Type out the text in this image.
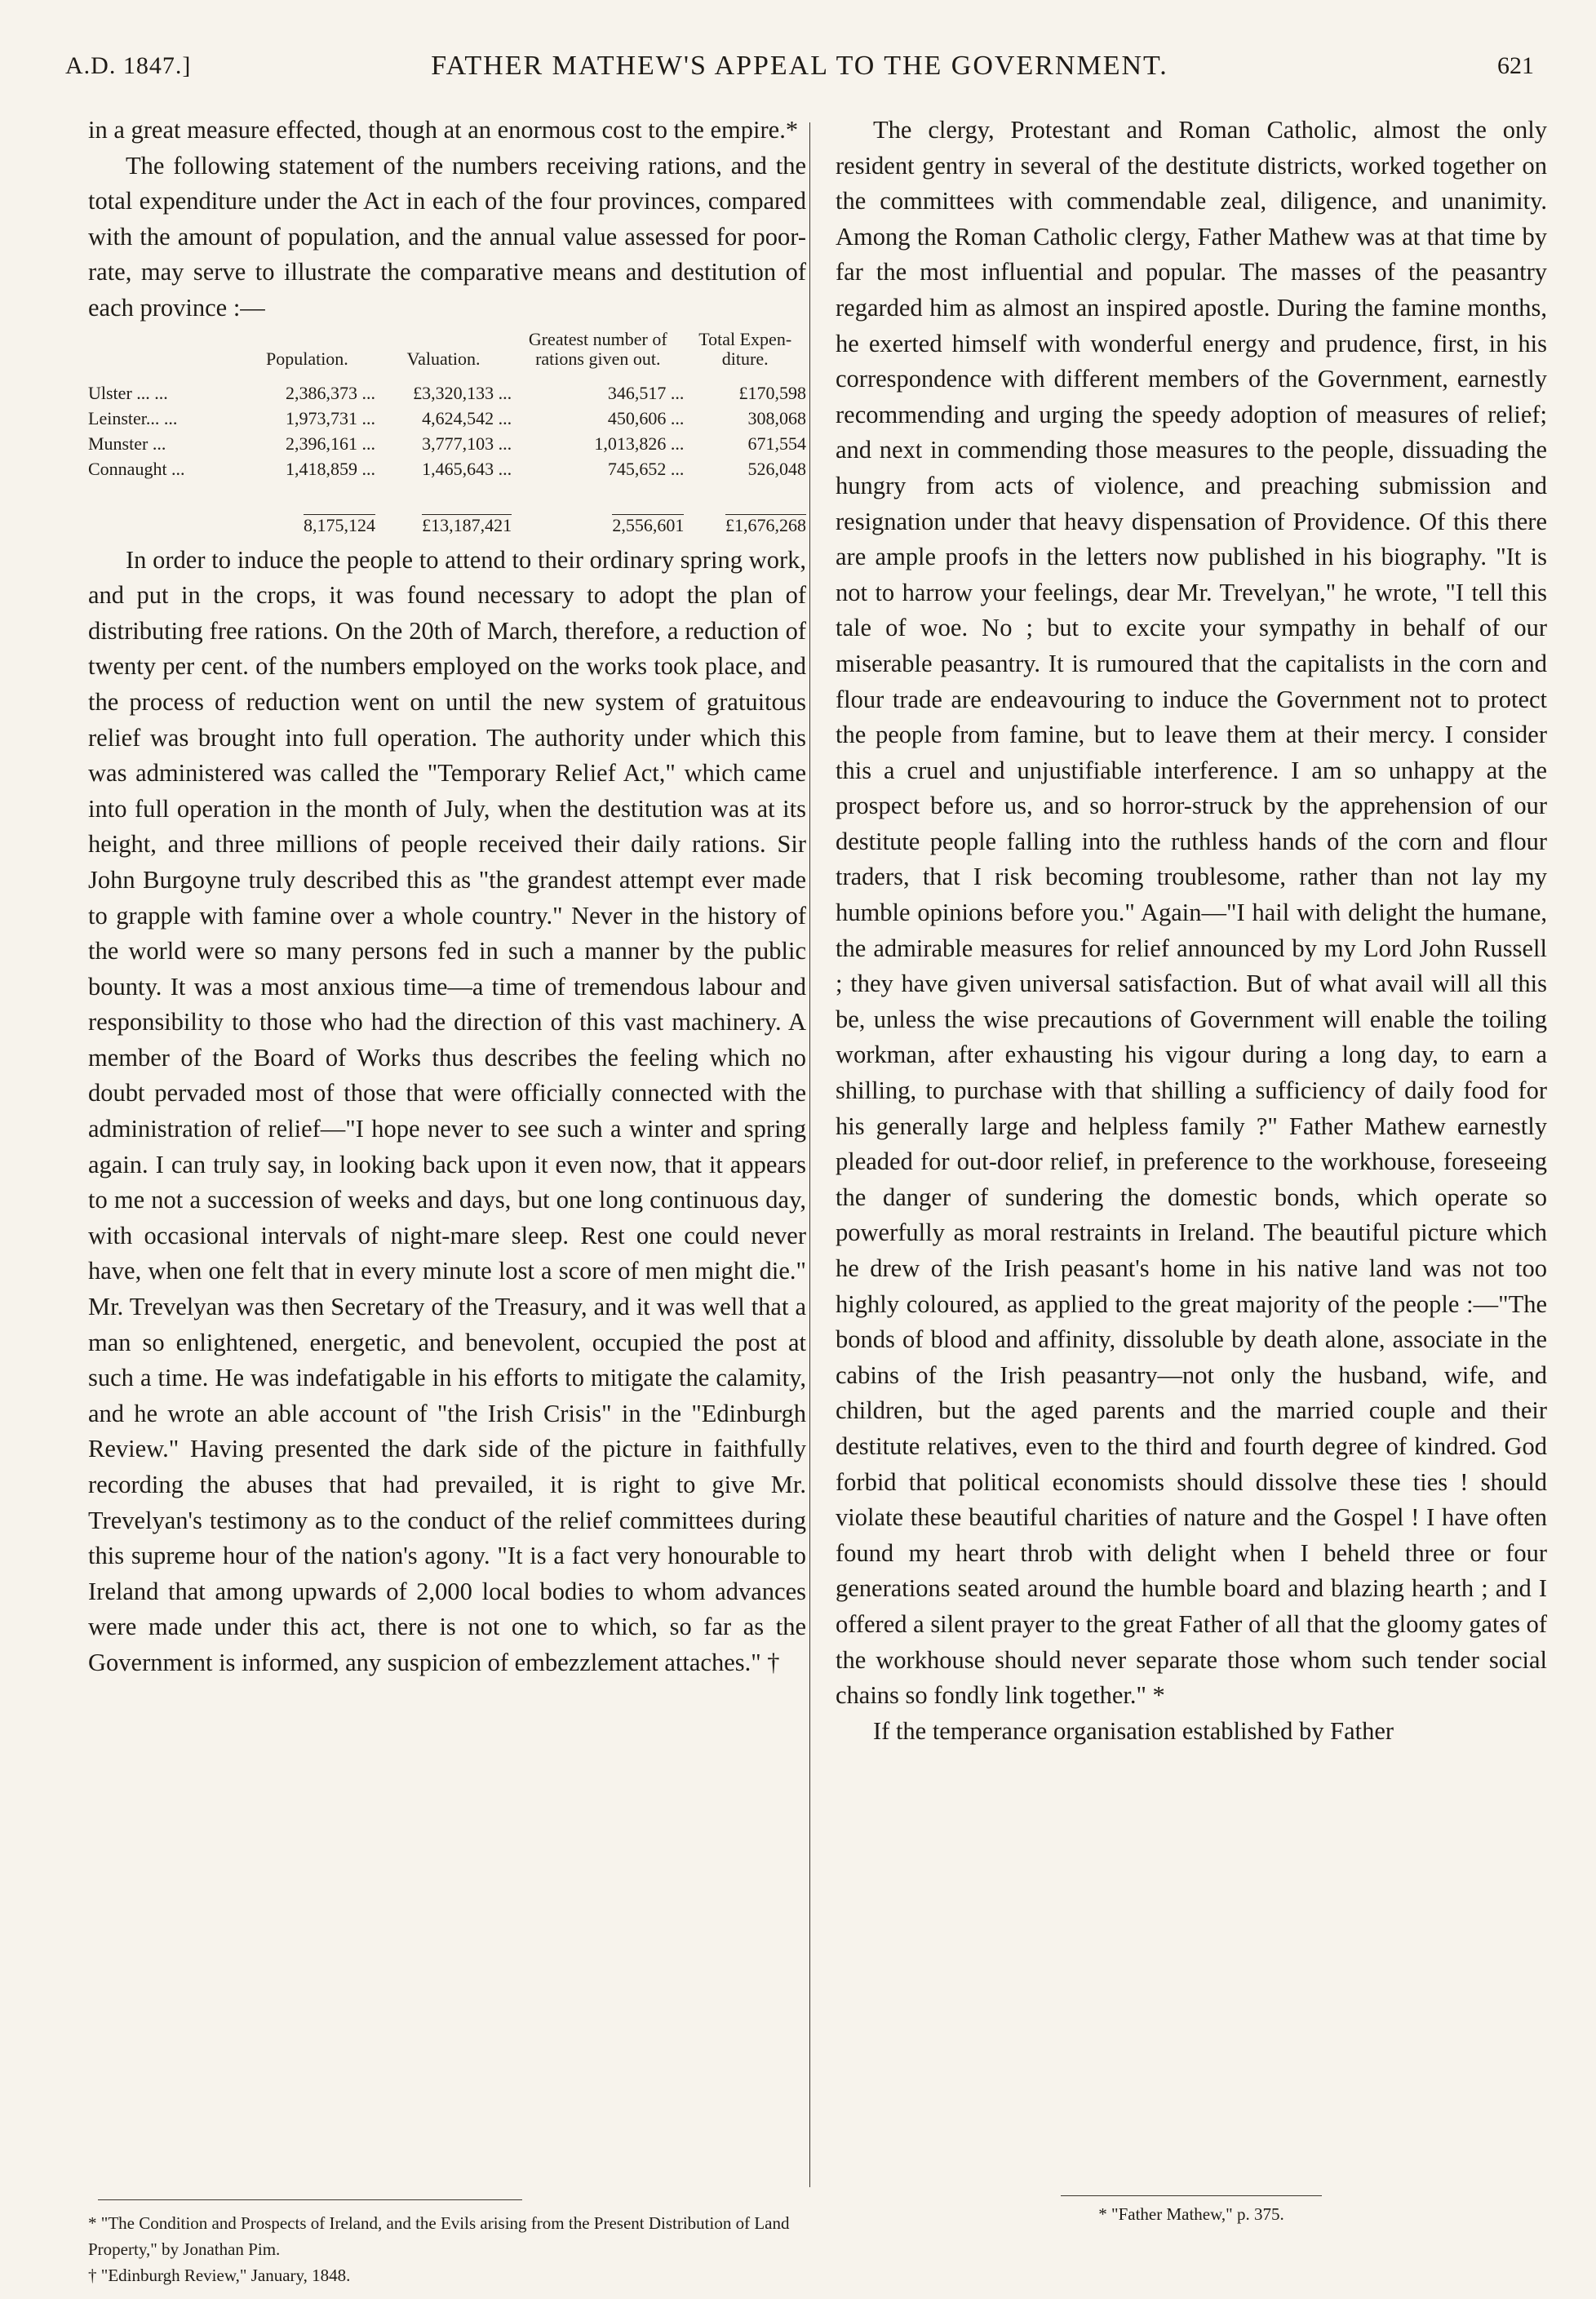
A.D. 1847.]	FATHER MATHEW'S APPEAL TO THE GOVERNMENT.	621

in a great measure effected, though at an enormous cost to the empire.*

The following statement of the numbers receiving rations, and the total expenditure under the Act in each of the four provinces, compared with the amount of population, and the annual value assessed for poor-rate, may serve to illustrate the comparative means and destitution of each province :—

	Population.	Valuation.	Greatest number of rations given out.	Total Expen-diture.
Ulster ... ...	2,386,373 ...	£3,320,133 ...	346,517 ...	£170,598
Leinster... ...	1,973,731 ...	4,624,542 ...	450,606 ...	308,068
Munster ...	2,396,161 ...	3,777,103 ...	1,013,826 ...	671,554
Connaught ...	1,418,859 ...	1,465,643 ...	745,652 ...	526,048
	8,175,124	£13,187,421	2,556,601	£1,676,268

In order to induce the people to attend to their ordinary spring work, and put in the crops, it was found necessary to adopt the plan of distributing free rations. On the 20th of March, therefore, a reduction of twenty per cent. of the numbers employed on the works took place, and the process of reduction went on until the new system of gratuitous relief was brought into full operation. The authority under which this was administered was called the "Temporary Relief Act," which came into full operation in the month of July, when the destitution was at its height, and three millions of people received their daily rations. Sir John Burgoyne truly described this as "the grandest attempt ever made to grapple with famine over a whole country." Never in the history of the world were so many persons fed in such a manner by the public bounty. It was a most anxious time—a time of tremendous labour and responsibility to those who had the direction of this vast machinery. A member of the Board of Works thus describes the feeling which no doubt pervaded most of those that were officially connected with the administration of relief—"I hope never to see such a winter and spring again. I can truly say, in looking back upon it even now, that it appears to me not a succession of weeks and days, but one long continuous day, with occasional intervals of night-mare sleep. Rest one could never have, when one felt that in every minute lost a score of men might die." Mr. Trevelyan was then Secretary of the Treasury, and it was well that a man so enlightened, energetic, and benevolent, occupied the post at such a time. He was indefatigable in his efforts to mitigate the calamity, and he wrote an able account of "the Irish Crisis" in the "Edinburgh Review." Having presented the dark side of the picture in faithfully recording the abuses that had prevailed, it is right to give Mr. Trevelyan's testimony as to the conduct of the relief committees during this supreme hour of the nation's agony. "It is a fact very honourable to Ireland that among upwards of 2,000 local bodies to whom advances were made under this act, there is not one to which, so far as the Government is informed, any suspicion of embezzlement attaches." †

The clergy, Protestant and Roman Catholic, almost the only resident gentry in several of the destitute districts, worked together on the committees with commendable zeal, diligence, and unanimity. Among the Roman Catholic clergy, Father Mathew was at that time by far the most influential and popular. The masses of the peasantry regarded him as almost an inspired apostle. During the famine months, he exerted himself with wonderful energy and prudence, first, in his correspondence with different members of the Government, earnestly recommending and urging the speedy adoption of measures of relief; and next in commending those measures to the people, dissuading the hungry from acts of violence, and preaching submission and resignation under that heavy dispensation of Providence. Of this there are ample proofs in the letters now published in his biography. "It is not to harrow your feelings, dear Mr. Trevelyan," he wrote, "I tell this tale of woe. No ; but to excite your sympathy in behalf of our miserable peasantry. It is rumoured that the capitalists in the corn and flour trade are endeavouring to induce the Government not to protect the people from famine, but to leave them at their mercy. I consider this a cruel and unjustifiable interference. I am so unhappy at the prospect before us, and so horror-struck by the apprehension of our destitute people falling into the ruthless hands of the corn and flour traders, that I risk becoming troublesome, rather than not lay my humble opinions before you." Again—"I hail with delight the humane, the admirable measures for relief announced by my Lord John Russell ; they have given universal satisfaction. But of what avail will all this be, unless the wise precautions of Government will enable the toiling workman, after exhausting his vigour during a long day, to earn a shilling, to purchase with that shilling a sufficiency of daily food for his generally large and helpless family ?" Father Mathew earnestly pleaded for out-door relief, in preference to the workhouse, foreseeing the danger of sundering the domestic bonds, which operate so powerfully as moral restraints in Ireland. The beautiful picture which he drew of the Irish peasant's home in his native land was not too highly coloured, as applied to the great majority of the people :—"The bonds of blood and affinity, dissoluble by death alone, associate in the cabins of the Irish peasantry—not only the husband, wife, and children, but the aged parents and the married couple and their destitute relatives, even to the third and fourth degree of kindred. God forbid that political economists should dissolve these ties ! should violate these beautiful charities of nature and the Gospel ! I have often found my heart throb with delight when I beheld three or four generations seated around the humble board and blazing hearth ; and I offered a silent prayer to the great Father of all that the gloomy gates of the workhouse should never separate those whom such tender social chains so fondly link together." *

If the temperance organisation established by Father

* "The Condition and Prospects of Ireland, and the Evils arising from the Present Distribution of Land Property," by Jonathan Pim.
† "Edinburgh Review," January, 1848.
* "Father Mathew," p. 375.
